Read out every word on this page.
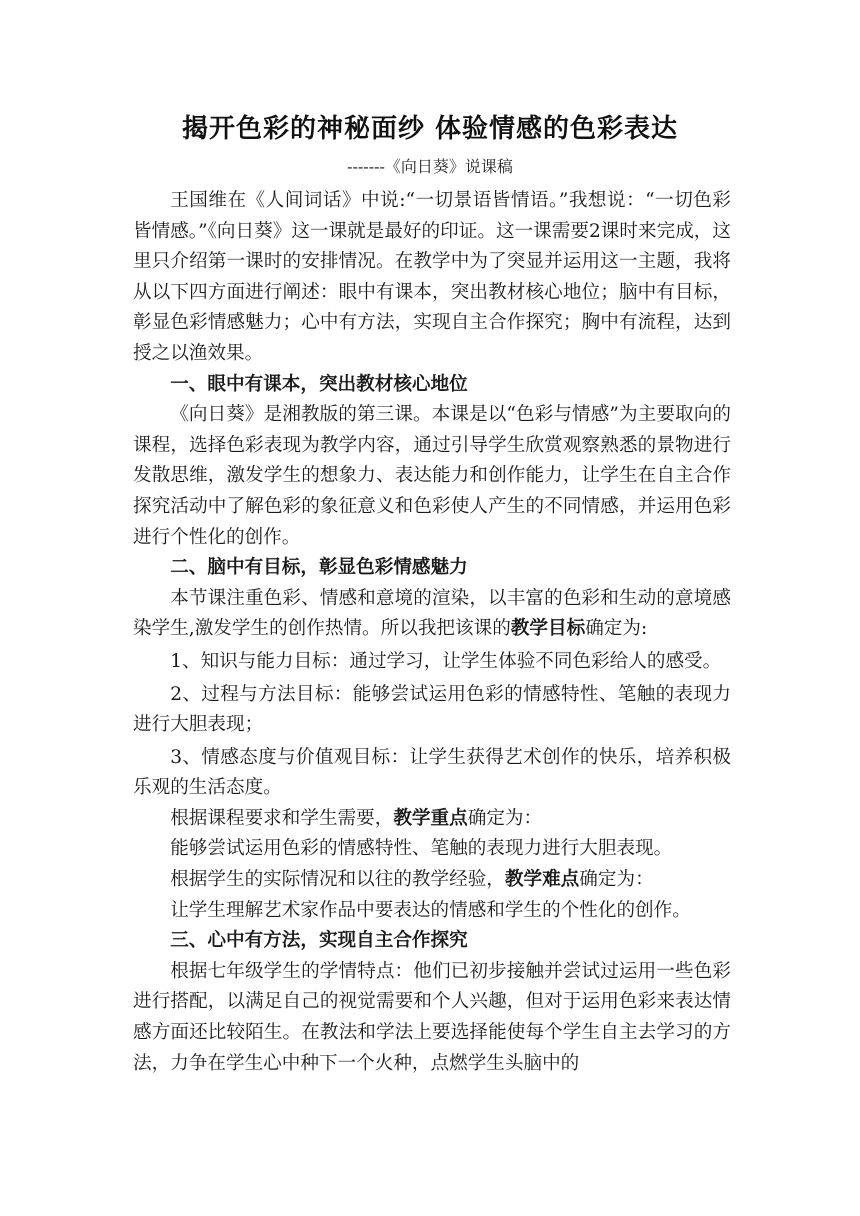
揭开色彩的神秘面纱 体验情感的色彩表达
-------《向日葵》说课稿

王国维在《人间词话》中说:“一切景语皆情语。”我想说：“一切色彩皆情感。”《向日葵》这一课就是最好的印证。这一课需要2课时来完成，这里只介绍第一课时的安排情况。在教学中为了突显并运用这一主题，我将从以下四方面进行阐述：眼中有课本，突出教材核心地位；脑中有目标，彰显色彩情感魅力；心中有方法，实现自主合作探究；胸中有流程，达到授之以渔效果。

一、眼中有课本，突出教材核心地位

《向日葵》是湘教版的第三课。本课是以“色彩与情感”为主要取向的课程，选择色彩表现为教学内容，通过引导学生欣赏观察熟悉的景物进行发散思维，激发学生的想象力、表达能力和创作能力，让学生在自主合作探究活动中了解色彩的象征意义和色彩使人产生的不同情感，并运用色彩进行个性化的创作。

二、脑中有目标，彰显色彩情感魅力

本节课注重色彩、情感和意境的渲染，以丰富的色彩和生动的意境感染学生,激发学生的创作热情。所以我把该课的教学目标确定为:

1、知识与能力目标：通过学习，让学生体验不同色彩给人的感受。

2、过程与方法目标：能够尝试运用色彩的情感特性、笔触的表现力进行大胆表现；

3、情感态度与价值观目标：让学生获得艺术创作的快乐，培养积极乐观的生活态度。

根据课程要求和学生需要，教学重点确定为：

能够尝试运用色彩的情感特性、笔触的表现力进行大胆表现。

根据学生的实际情况和以往的教学经验，教学难点确定为：

让学生理解艺术家作品中要表达的情感和学生的个性化的创作。

三、心中有方法，实现自主合作探究

根据七年级学生的学情特点：他们已初步接触并尝试过运用一些色彩进行搭配，以满足自己的视觉需要和个人兴趣，但对于运用色彩来表达情感方面还比较陌生。在教法和学法上要选择能使每个学生自主去学习的方法，力争在学生心中种下一个火种，点燃学生头脑中的
